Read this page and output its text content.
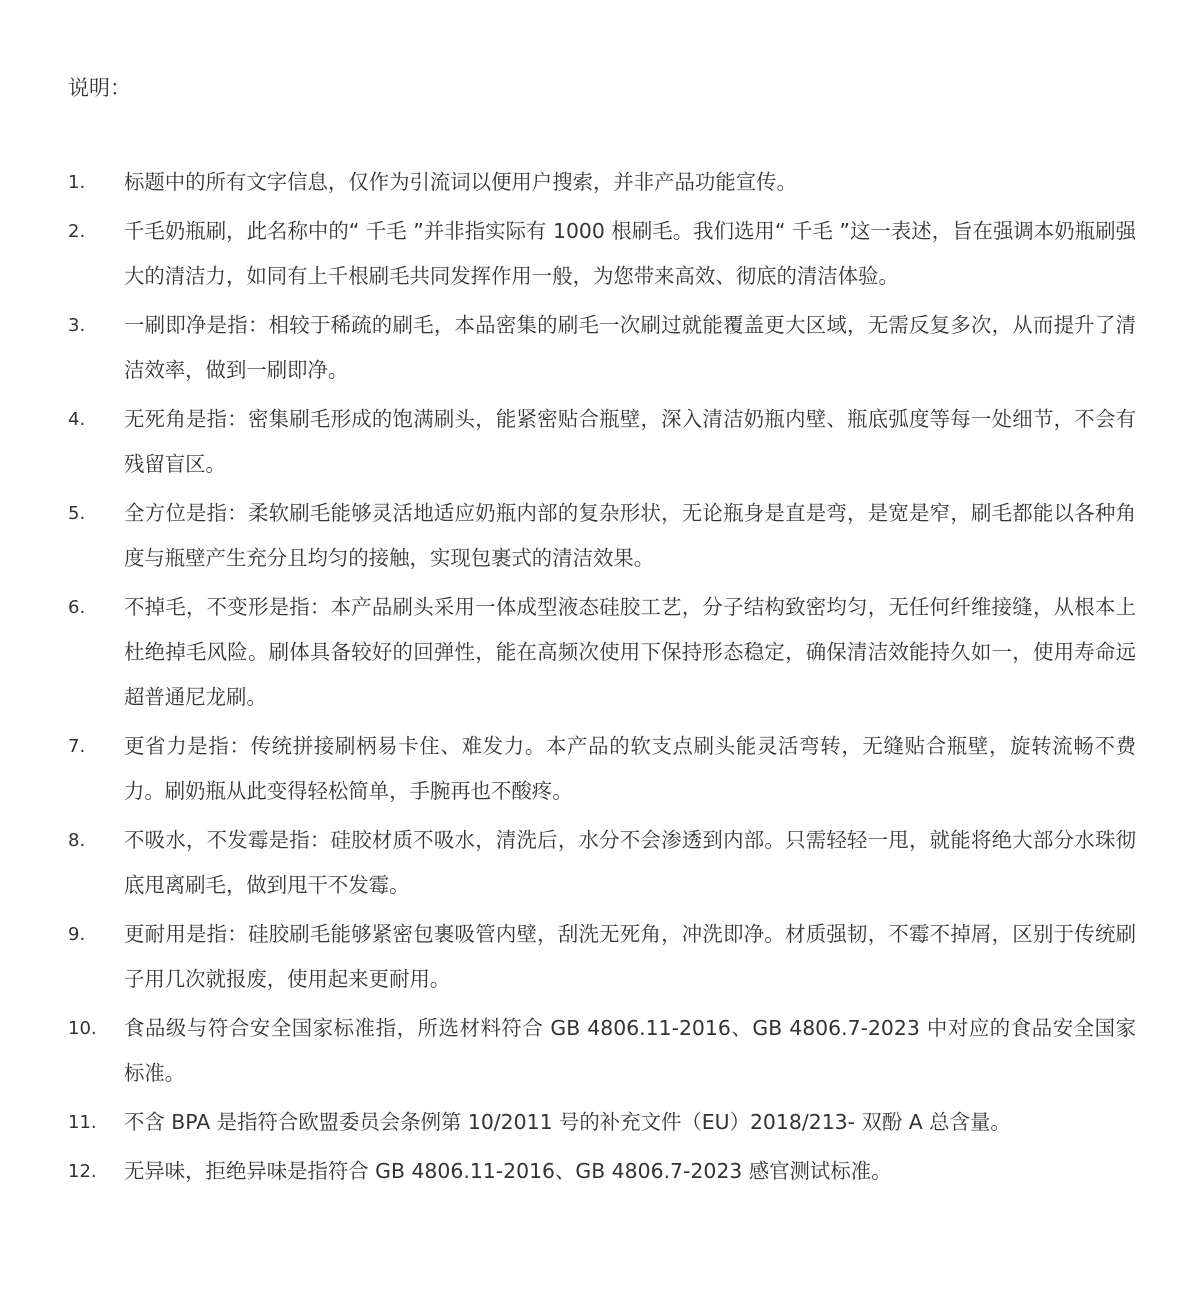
说明：
1.	标题中的所有文字信息，仅作为引流词以便用户搜索，并非产品功能宣传。
2.	千毛奶瓶刷，此名称中的“ 千毛 ”并非指实际有 1000 根刷毛。我们选用“ 千毛 ”这一表述，旨在强调本奶瓶刷强大的清洁力，如同有上千根刷毛共同发挥作用一般，为您带来高效、彻底的清洁体验。
3.	一刷即净是指：相较于稀疏的刷毛，本品密集的刷毛一次刷过就能覆盖更大区域，无需反复多次，从而提升了清洁效率，做到一刷即净。
4.	无死角是指：密集刷毛形成的饱满刷头，能紧密贴合瓶壁，深入清洁奶瓶内壁、瓶底弧度等每一处细节，不会有残留盲区。
5.	全方位是指：柔软刷毛能够灵活地适应奶瓶内部的复杂形状，无论瓶身是直是弯，是宽是窄，刷毛都能以各种角度与瓶壁产生充分且均匀的接触，实现包裹式的清洁效果。
6.	不掉毛，不变形是指：本产品刷头采用一体成型液态硅胶工艺，分子结构致密均匀，无任何纤维接缝，从根本上杜绝掉毛风险。刷体具备较好的回弹性，能在高频次使用下保持形态稳定，确保清洁效能持久如一，使用寿命远超普通尼龙刷。
7.	更省力是指：传统拼接刷柄易卡住、难发力。本产品的软支点刷头能灵活弯转，无缝贴合瓶壁，旋转流畅不费力。刷奶瓶从此变得轻松简单，手腕再也不酸疼。
8.	不吸水，不发霉是指：硅胶材质不吸水，清洗后，水分不会渗透到内部。只需轻轻一甩，就能将绝大部分水珠彻底甩离刷毛，做到甩干不发霉。
9.	更耐用是指：硅胶刷毛能够紧密包裹吸管内壁，刮洗无死角，冲洗即净。材质强韧，不霉不掉屑，区别于传统刷子用几次就报废，使用起来更耐用。
10.	食品级与符合安全国家标准指，所选材料符合 GB 4806.11-2016、GB 4806.7-2023 中对应的食品安全国家标准。
11.	不含 BPA 是指符合欧盟委员会条例第 10/2011 号的补充文件（EU）2018/213- 双酚 A 总含量。
12.	无异味，拒绝异味是指符合 GB 4806.11-2016、GB 4806.7-2023 感官测试标准。
